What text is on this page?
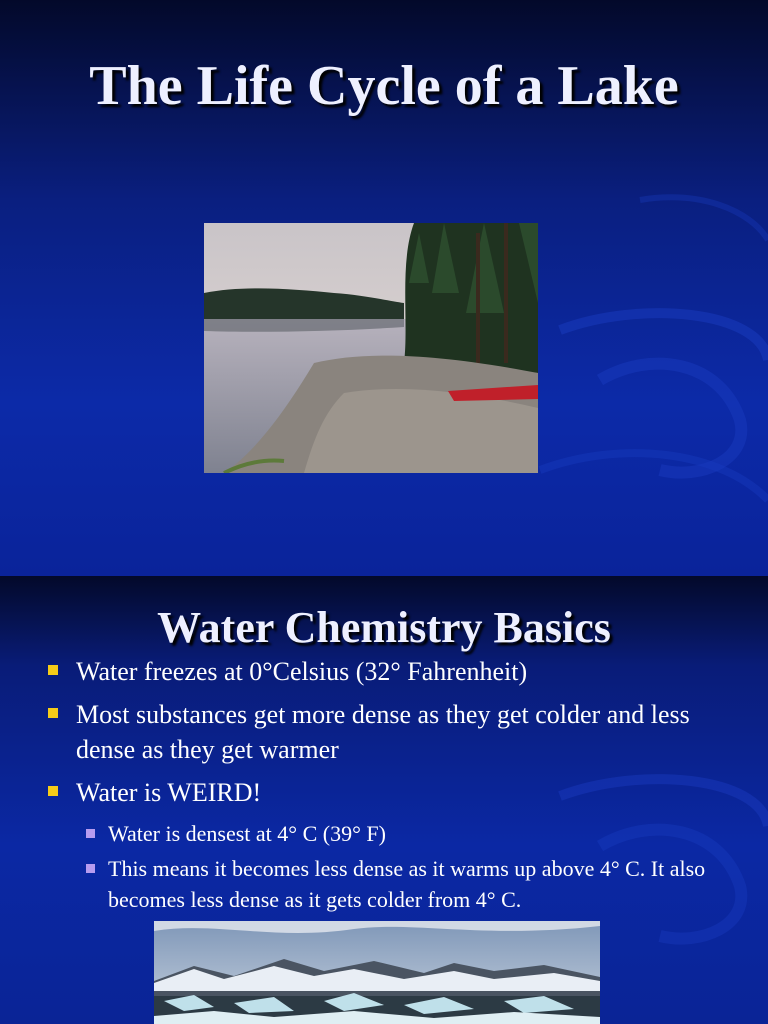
The Life Cycle of a Lake
Water Chemistry Basics
Water freezes at 0°Celsius (32° Fahrenheit)
Most substances get more dense as they get colder and less dense as they get warmer
Water is WEIRD!
Water is densest at 4° C (39° F)
This means it becomes less dense as it warms up above 4° C. It also becomes less dense as it gets colder from 4° C.
